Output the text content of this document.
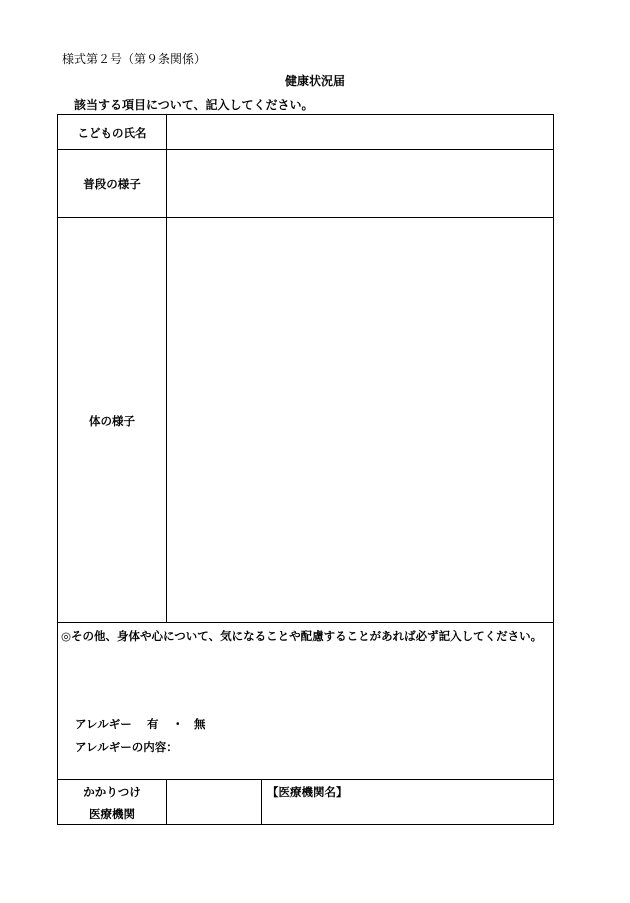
様式第２号（第９条関係）
健康状況届
該当する項目について、記入してください。
こどもの氏名
普段の様子
体の様子
◎その他、身体や心について、気になることや配慮することがあれば必ず記入してください。
アレルギー 有 ・ 無
アレルギーの内容：
かかりつけ
医療機関
【医療機関名】
